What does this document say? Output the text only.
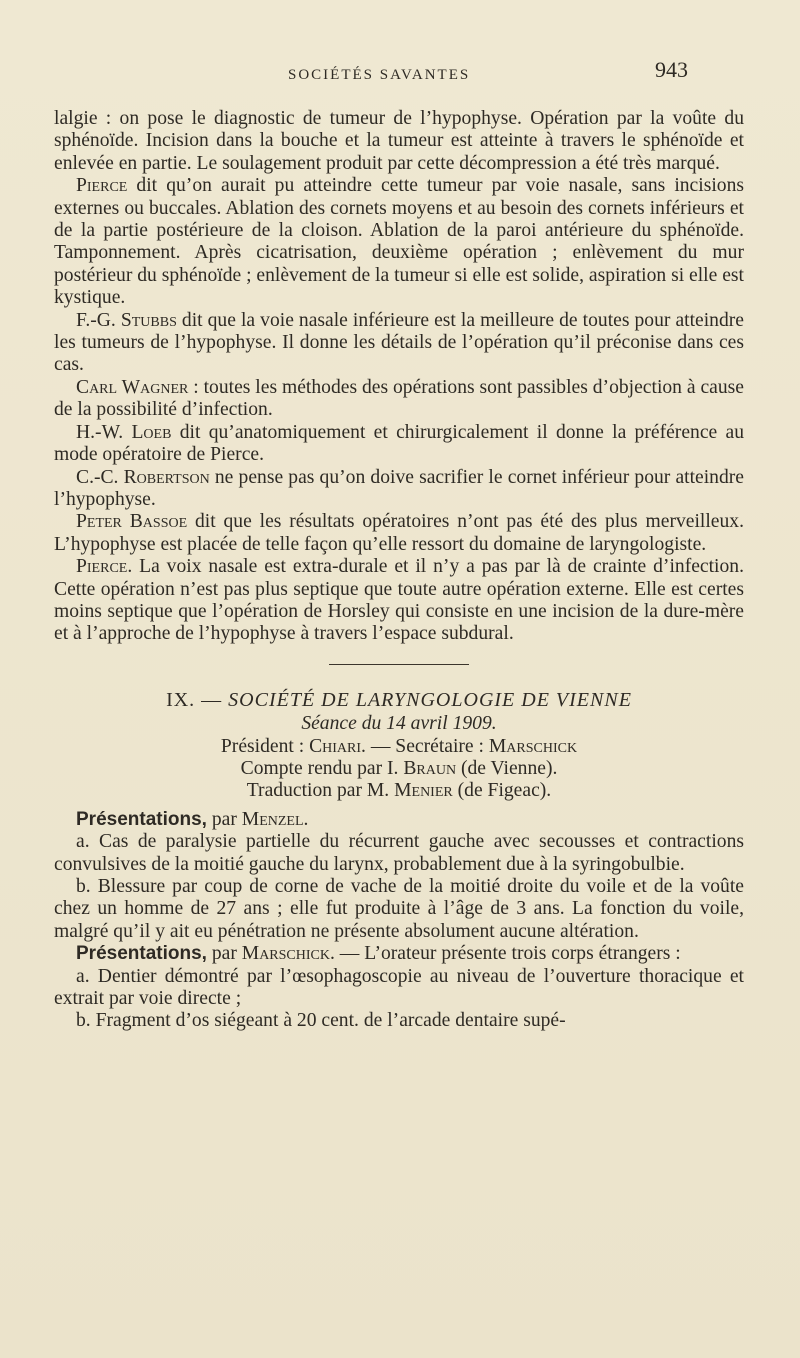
SOCIÉTÉS SAVANTES	943

lalgie : on pose le diagnostic de tumeur de l’hypophyse. Opération par la voûte du sphénoïde. Incision dans la bouche et la tumeur est atteinte à travers le sphénoïde et enlevée en partie. Le soulagement produit par cette décompression a été très marqué.

Pierce dit qu’on aurait pu atteindre cette tumeur par voie nasale, sans incisions externes ou buccales. Ablation des cornets moyens et au besoin des cornets inférieurs et de la partie postérieure de la cloison. Ablation de la paroi antérieure du sphénoïde. Tamponnement. Après cicatrisation, deuxième opération ; enlèvement du mur postérieur du sphénoïde ; enlèvement de la tumeur si elle est solide, aspiration si elle est kystique.

F.-G. Stubbs dit que la voie nasale inférieure est la meilleure de toutes pour atteindre les tumeurs de l’hypophyse. Il donne les détails de l’opération qu’il préconise dans ces cas.

Carl Wagner : toutes les méthodes des opérations sont passibles d’objection à cause de la possibilité d’infection.

H.-W. Loeb dit qu’anatomiquement et chirurgicalement il donne la préférence au mode opératoire de Pierce.

C.-C. Robertson ne pense pas qu’on doive sacrifier le cornet inférieur pour atteindre l’hypophyse.

Peter Bassoe dit que les résultats opératoires n’ont pas été des plus merveilleux. L’hypophyse est placée de telle façon qu’elle ressort du domaine de laryngologiste.

Pierce. La voix nasale est extra-durale et il n’y a pas par là de crainte d’infection. Cette opération n’est pas plus septique que toute autre opération externe. Elle est certes moins septique que l’opération de Horsley qui consiste en une incision de la dure-mère et à l’approche de l’hypophyse à travers l’espace subdural.

IX. — SOCIÉTÉ DE LARYNGOLOGIE DE VIENNE
Séance du 14 avril 1909.
Président : Chiari. — Secrétaire : Marschick
Compte rendu par I. Braun (de Vienne).
Traduction par M. Menier (de Figeac).

Présentations, par Menzel.

a. Cas de paralysie partielle du récurrent gauche avec secousses et contractions convulsives de la moitié gauche du larynx, probablement due à la syringobulbie.

b. Blessure par coup de corne de vache de la moitié droite du voile et de la voûte chez un homme de 27 ans ; elle fut produite à l’âge de 3 ans. La fonction du voile, malgré qu’il y ait eu pénétration ne présente absolument aucune altération.

Présentations, par Marschick. — L’orateur présente trois corps étrangers :

a. Dentier démontré par l’œsophagoscopie au niveau de l’ouverture thoracique et extrait par voie directe ;

b. Fragment d’os siégeant à 20 cent. de l’arcade dentaire supé-
